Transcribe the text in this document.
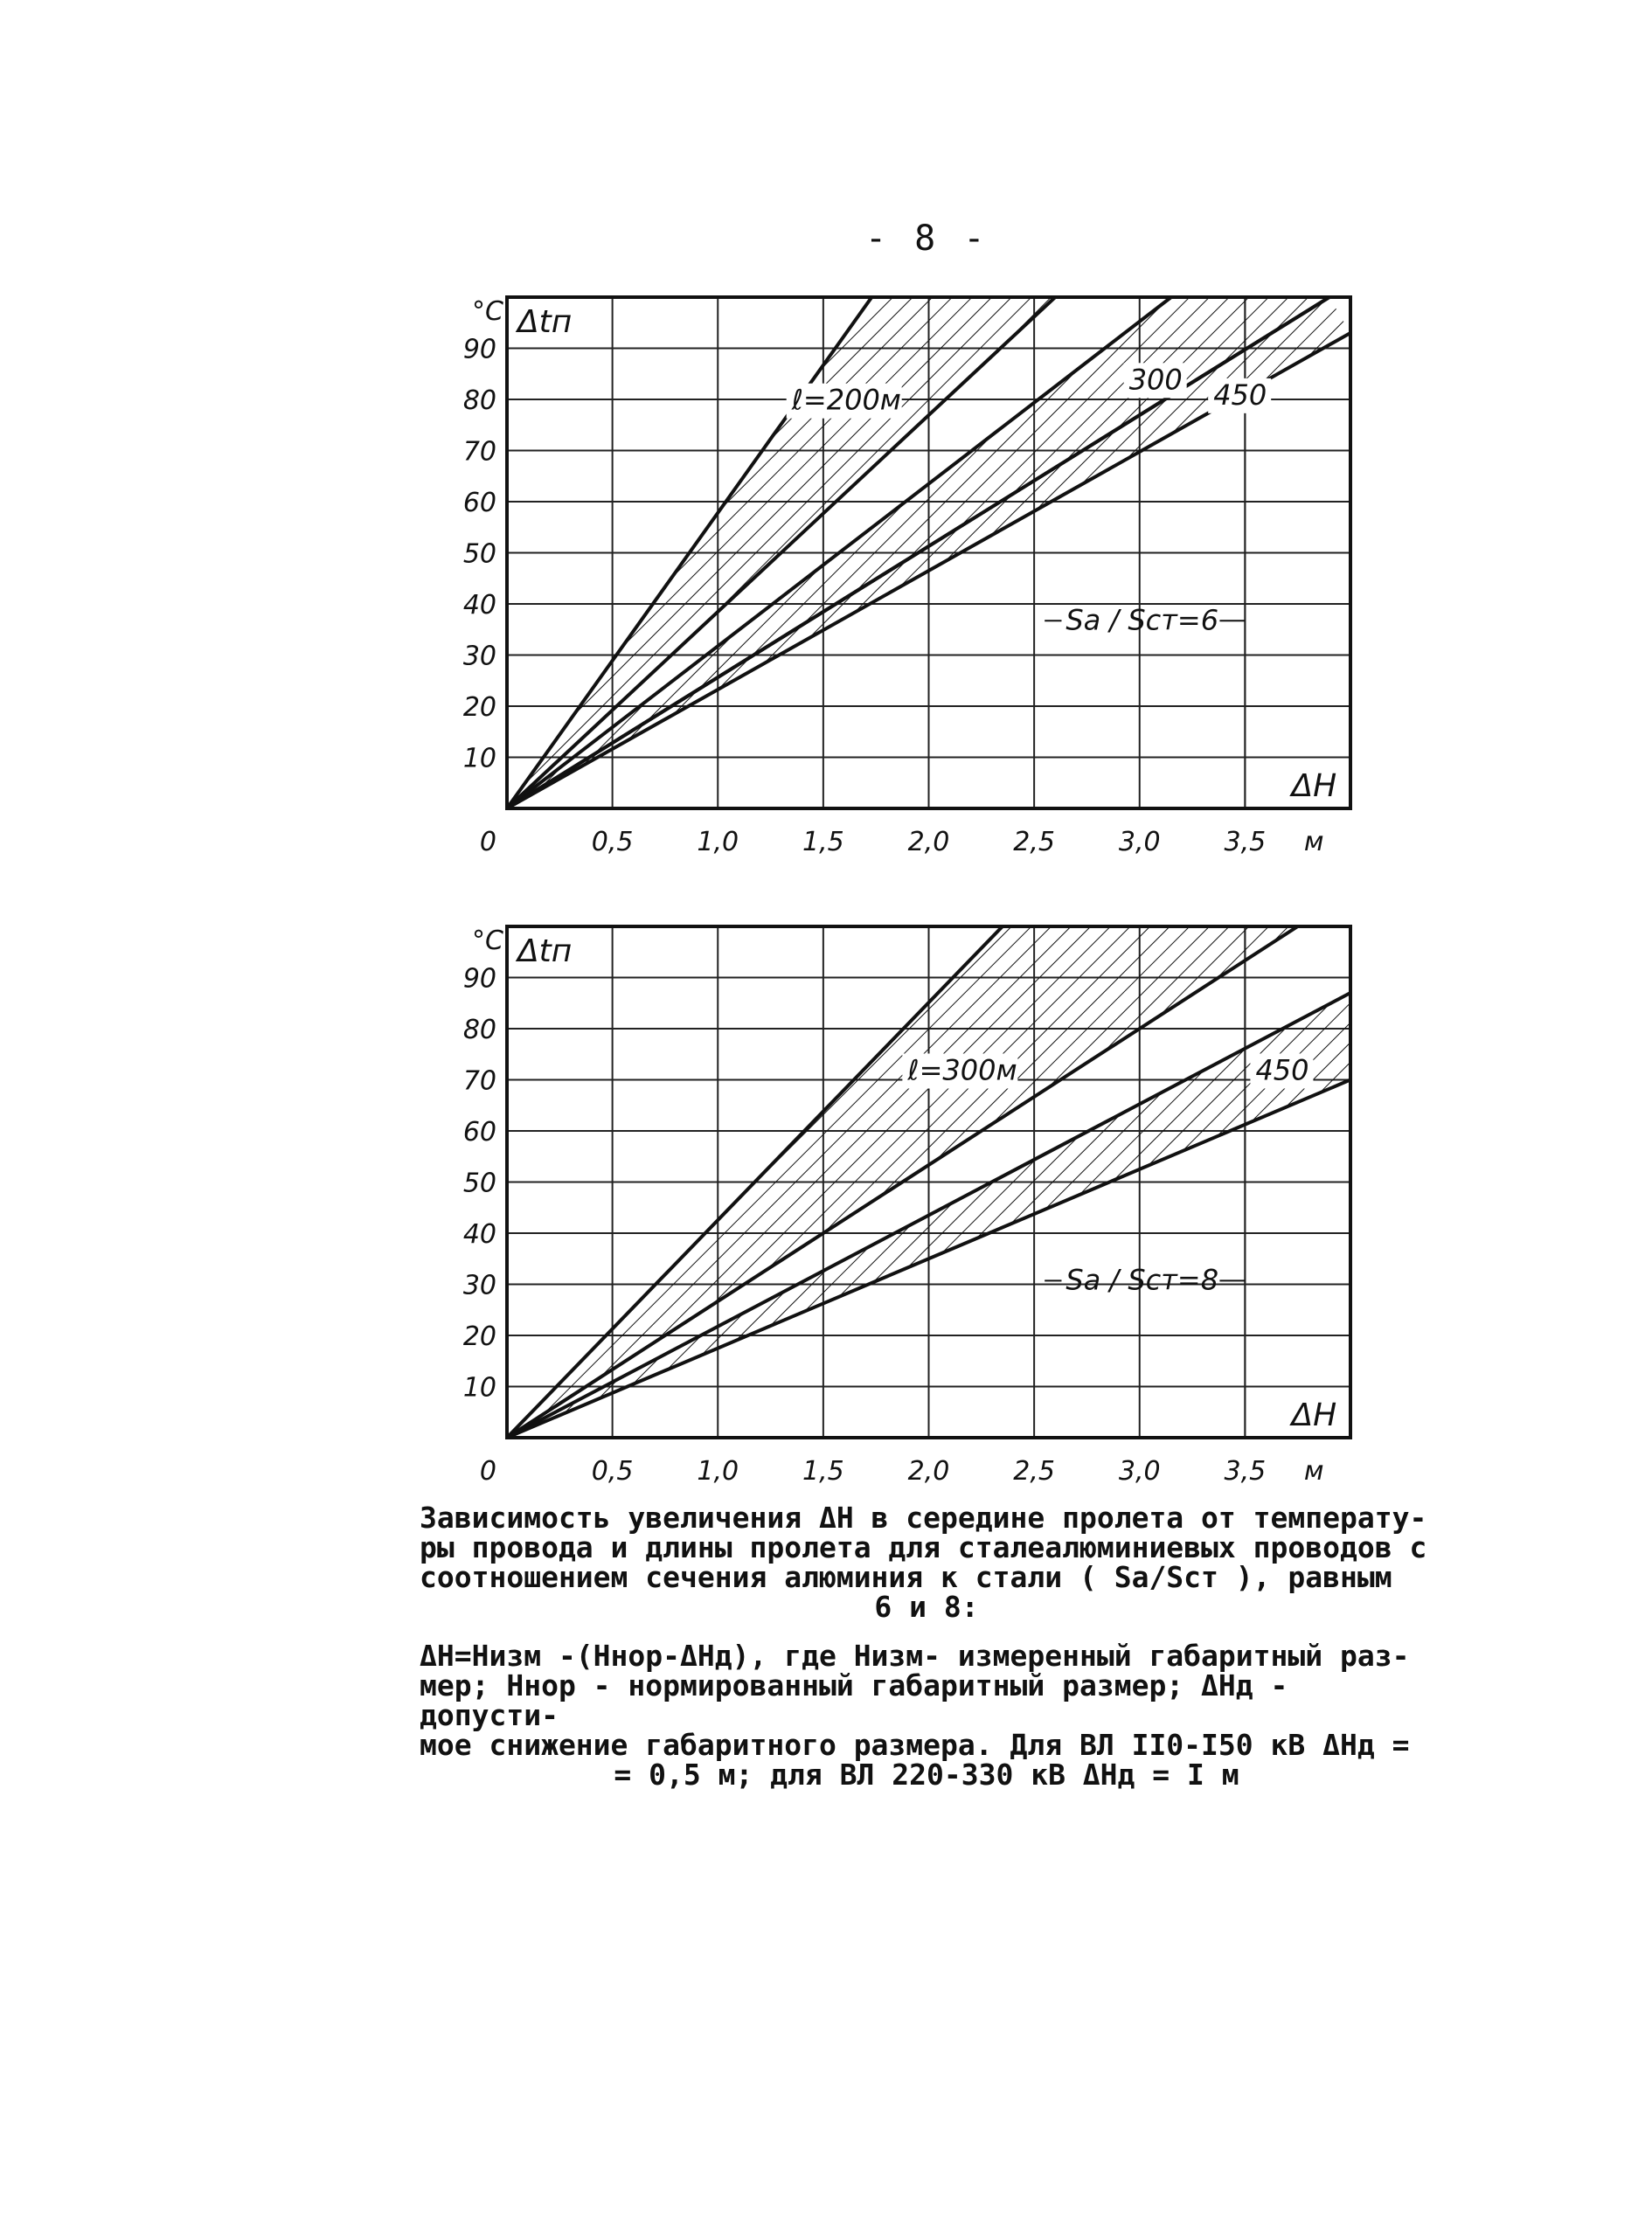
- 8 -
10
20
30
40
50
60
70
80
90
0	0,5 1,0 1,5 2,0 2,5 3,0 3,5
°C Δtп
м
ΔH
Sa / Sст=6
ℓ=200м
300 450
10
20
30
40
50
60
70
80
90
0	0,5 1,0 1,5 2,0 2,5 3,0 3,5
°C Δtп
м
ΔH
Sa / Sст=8
ℓ=300м	450

Зависимость увеличения ΔH в середине пролета от температу-

ры провода и длины пролета для сталеалюминиевых проводов с

соотношением сечения алюминия к стали ( Sa/Sст ), равным

6 и 8:

ΔH=Hизм -(Hнор-ΔHд), где Hизм- измеренный габаритный раз-

мер; Hнор - нормированный габаритный размер; ΔHд - допусти-

мое снижение габаритного размера. Для ВЛ II0-I50 кВ ΔHд =

= 0,5 м; для ВЛ 220-330 кВ ΔHд = I м
